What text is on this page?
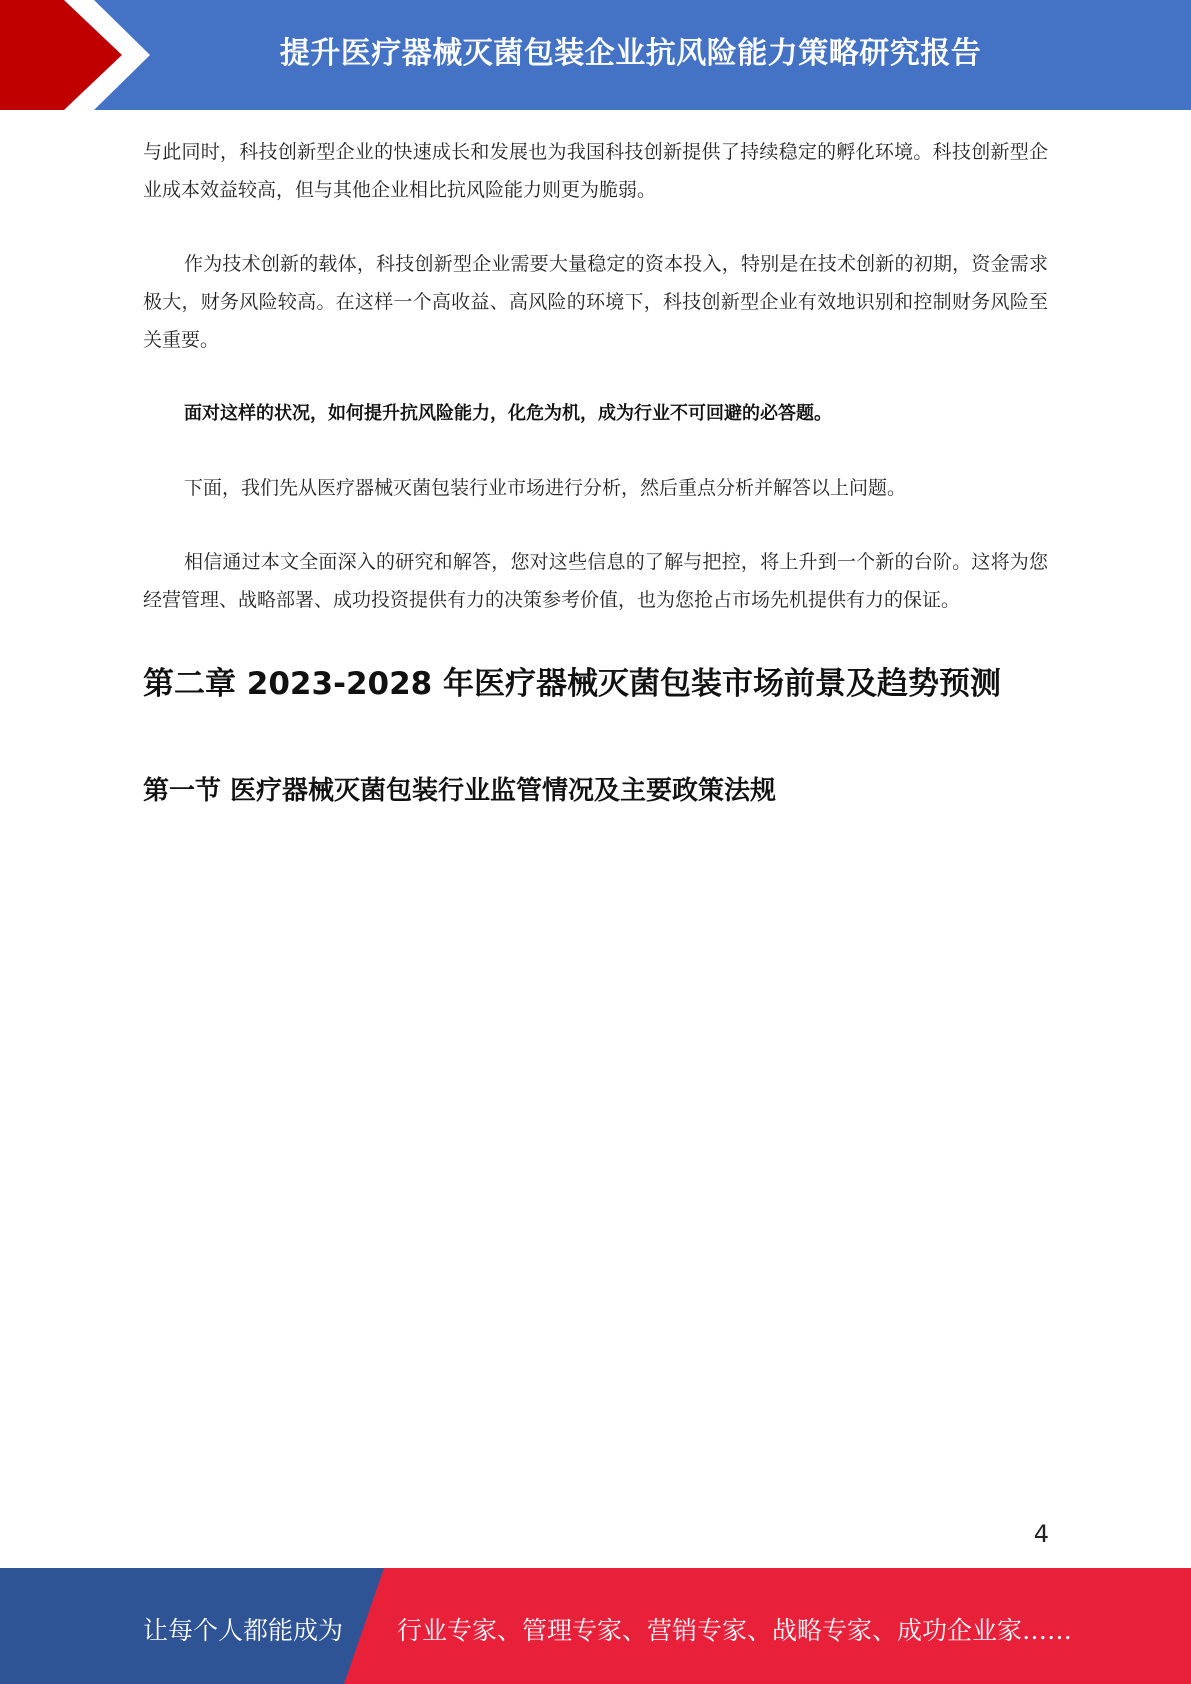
提升医疗器械灭菌包装企业抗风险能力策略研究报告

与此同时，科技创新型企业的快速成长和发展也为我国科技创新提供了持续稳定的孵化环境。科技创新型企业成本效益较高，但与其他企业相比抗风险能力则更为脆弱。

作为技术创新的载体，科技创新型企业需要大量稳定的资本投入，特别是在技术创新的初期，资金需求极大，财务风险较高。在这样一个高收益、高风险的环境下，科技创新型企业有效地识别和控制财务风险至关重要。

面对这样的状况，如何提升抗风险能力，化危为机，成为行业不可回避的必答题。

下面，我们先从医疗器械灭菌包装行业市场进行分析，然后重点分析并解答以上问题。

相信通过本文全面深入的研究和解答，您对这些信息的了解与把控，将上升到一个新的台阶。这将为您经营管理、战略部署、成功投资提供有力的决策参考价值，也为您抢占市场先机提供有力的保证。

第二章 2023-2028 年医疗器械灭菌包装市场前景及趋势预测
第一节 医疗器械灭菌包装行业监管情况及主要政策法规
4
让每个人都能成为 行业专家、管理专家、营销专家、战略专家、成功企业家……
